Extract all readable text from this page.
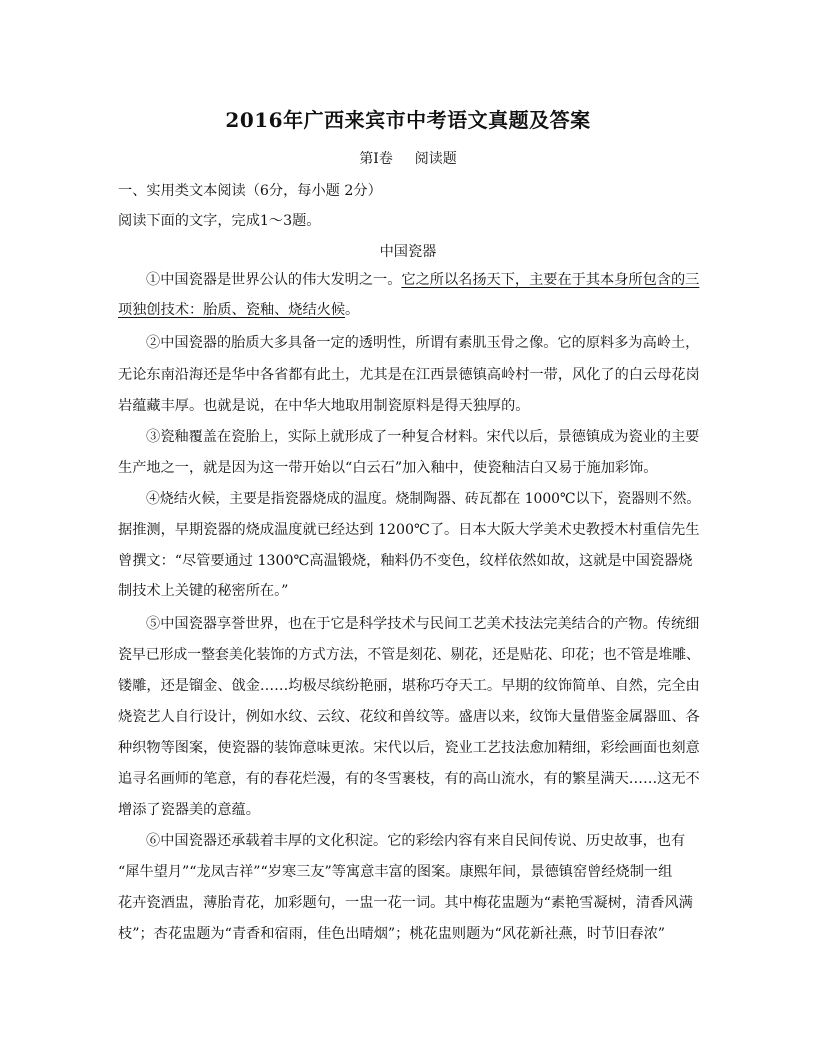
2016年广西来宾市中考语文真题及答案
第Ⅰ卷 阅读题
一、实用类文本阅读（6分，每小题 2分）
阅读下面的文字，完成1～3题。
中国瓷器
①中国瓷器是世界公认的伟大发明之一。它之所以名扬天下，主要在于其本身所包含的三
项独创技术：胎质、瓷釉、烧结火候。
②中国瓷器的胎质大多具备一定的透明性，所谓有素肌玉骨之像。它的原料多为高岭土，
无论东南沿海还是华中各省都有此土，尤其是在江西景德镇高岭村一带，风化了的白云母花岗
岩蕴藏丰厚。也就是说，在中华大地取用制瓷原料是得天独厚的。
③瓷釉覆盖在瓷胎上，实际上就形成了一种复合材料。宋代以后，景德镇成为瓷业的主要
生产地之一，就是因为这一带开始以“白云石”加入釉中，使瓷釉洁白又易于施加彩饰。
④烧结火候，主要是指瓷器烧成的温度。烧制陶器、砖瓦都在 1000℃以下，瓷器则不然。
据推测，早期瓷器的烧成温度就已经达到 1200℃了。日本大阪大学美术史教授木村重信先生
曾撰文：“尽管要通过 1300℃高温锻烧，釉料仍不变色，纹样依然如故，这就是中国瓷器烧
制技术上关键的秘密所在。”
⑤中国瓷器享誉世界，也在于它是科学技术与民间工艺美术技法完美结合的产物。传统细
瓷早已形成一整套美化装饰的方式方法，不管是刻花、剔花，还是贴花、印花；也不管是堆雕、
镂雕，还是镏金、戗金……均极尽缤纷艳丽，堪称巧夺天工。早期的纹饰简单、自然，完全由
烧瓷艺人自行设计，例如水纹、云纹、花纹和兽纹等。盛唐以来，纹饰大量借鉴金属器皿、各
种织物等图案，使瓷器的装饰意味更浓。宋代以后，瓷业工艺技法愈加精细，彩绘画面也刻意
追寻名画师的笔意，有的春花烂漫，有的冬雪裹枝，有的高山流水，有的繁星满天……这无不
增添了瓷器美的意蕴。
⑥中国瓷器还承载着丰厚的文化积淀。它的彩绘内容有来自民间传说、历史故事，也有
“犀牛望月”“龙凤吉祥”“岁寒三友”等寓意丰富的图案。康熙年间，景德镇窑曾经烧制一组
花卉瓷酒盅，薄胎青花，加彩题句，一盅一花一词。其中梅花盅题为“素艳雪凝树，清香风满
枝”；杏花盅题为“青香和宿雨，佳色出晴烟”；桃花盅则题为“风花新社燕，时节旧春浓”
